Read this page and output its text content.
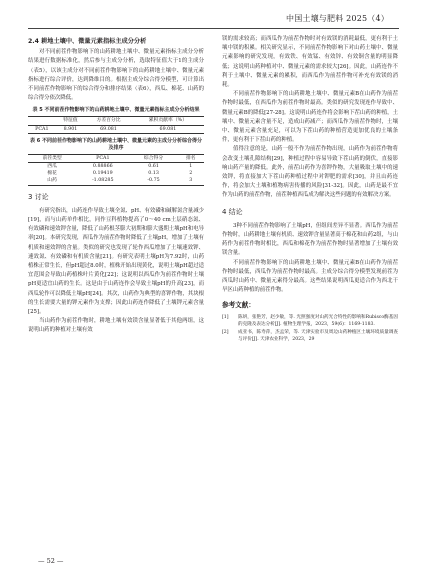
中国土壤与肥料 2025（4）
2.4 耕地土壤中、微量元素指标主成分分析

对不同前茬作物影响下的山药耕地土壤中、微量元素指标主成分分析结果进行数据标准化，然后参与主成分分析，选取特征值大于1的主成分（表5），以该主成分对不同前茬作物影响下的山药耕地土壤中、微量元素指标进行综合评价，达到降维目的。根据主成分综合得分模型，可计算出不同前茬作物影响下的综合得分和排序结果（表6），西瓜、棉花、山药的综合得分依次降低。

表 5 不同前茬作物影响下的山药耕地土壤中、微量元素指标主成分分析结果
	特征值	方差百分比	累积贡献率（%）
PCA1	8.901	69.081	69.081
表 6 不同前茬作物影响下的山药耕地土壤中、微量元素的主成分分析综合得分及排序
前茬类型	PCA1	综合得分	排名
西瓜	0.88866	0.61	1
棉花	0.19419	0.13	2
山药	-1.08285	-0.75	3
3 讨论

有研究指出，山药连作导致土壤全氮、pH、有效磷和碱解氮含量减少[19]，而与山药单作相比，同作豆科植物提高了0～40 cm土层硝态氮、有效磷和速效钾含量，降低了山药根茎膨大初期和膨大盛期土壤pH和电导率[20]。本研究发现，西瓜作为前茬作物时降低了土壤pH，增加了土壤有机质和速效钾的含量。类似的研究也发现了轮作西瓜增加了土壤速效钾、速效氮、有效磷和有机质含量[21]。有研究表明土壤pH为7.92时，山药植株正常生长，但pH超过8.0时，植株开始出现黄化，说明土壤pH超过适宜范围会导致山药植株叶片黄化[22]；这说明以西瓜作为前茬作物时土壤pH更适宜山药的生长。这是由于山药连作会导致土壤pH的升高[23]，而西瓜轮作可以降低土壤pH[24]。其次，山药作为典型的喜钾作物，其块根的生长需要大量的钾元素作为支撑；因此山药连作降低了土壤钾元素含量[25]。

当山药作为前茬作物时，耕地土壤有效镁含量显著低于其他两组，这说明山药的种植对土壤有效

镁的需求较高；而西瓜作为前茬作物时对有效镁的消耗最低，更有利于土壤中镁的积累。相关研究显示，不同前茬作物影响下对山药土壤中、微量元素影响的研究发现，有效铁、有效锰、有效锌、有效铜含量的明显降低；这说明山药种植对中、微量元素的需求较大[26]。因此，山药连作不利于土壤中、微量元素的累积，而西瓜作为前茬作物可补充有效镁的消耗。

不同前茬作物影响下的山药耕地土壤中、微量元素B在山药作为前茬作物时最低，在西瓜作为前茬作物时最高。类似的研究发现连作导致中、微量元素B的降低[27-28]。这说明山药连作将会影响下茬山药的种植，土壤中、微量元素含量不足，造成山药减产；而西瓜作为前茬作物时，土壤中、微量元素含量充足，可以为下茬山药的种植营造更加优良的土壤条件，更有利于下茬山药的种植。

值得注意的是，山药一般不作为前茬作物出现，山药作为前茬作物将会改变土壤孔隙结构[29]，种植过程中容易导致下茬山药的倒伏，直接影响山药产量的降低。此外，前茬山药作为喜钾作物，大量吸取土壤中的速效钾，将直接加大下茬山药种植过程中对钾肥的需求[30]，并且山药连作，将会加大土壤和植物病害传播的风险[31-32]。因此，山药是最不宜作为山药的前茬作物，前茬种植西瓜成为解决这些问题的有效解决方案。

4 结论

3种不同前茬作物影响了土壤pH，但组间差异不显著。西瓜作为前茬作物时，山药耕地土壤有机质、速效钾含量显著高于棉花和山药2组，与山药作为前茬作物时相比，西瓜和棉花作为前茬作物时显著增加了土壤有效镁含量。

不同前茬作物影响下的山药耕地土壤中、微量元素B在山药作为前茬作物时最低，西瓜作为前茬作物时最高。主成分综合得分模型发现前茬为西瓜时山药中、微量元素得分最高。这些结果说明西瓜更适合作为西北干旱区山药种植的前茬作物。

参考文献：
[1]	陈妍，张艳芳，赵少敏，等. 光照强度对山药光合特性的影响和Rubisco酶基因的克隆及表达分析[J]. 植物生理学报，2023，59(6)：1169-1183.
[2]	成亚书，陈寿萍，杰孟荣，等. 天津实验市及周边山药种植区土壤环境质量调查与评价[J]. 天津农业科学，2023，29
— 52 —
